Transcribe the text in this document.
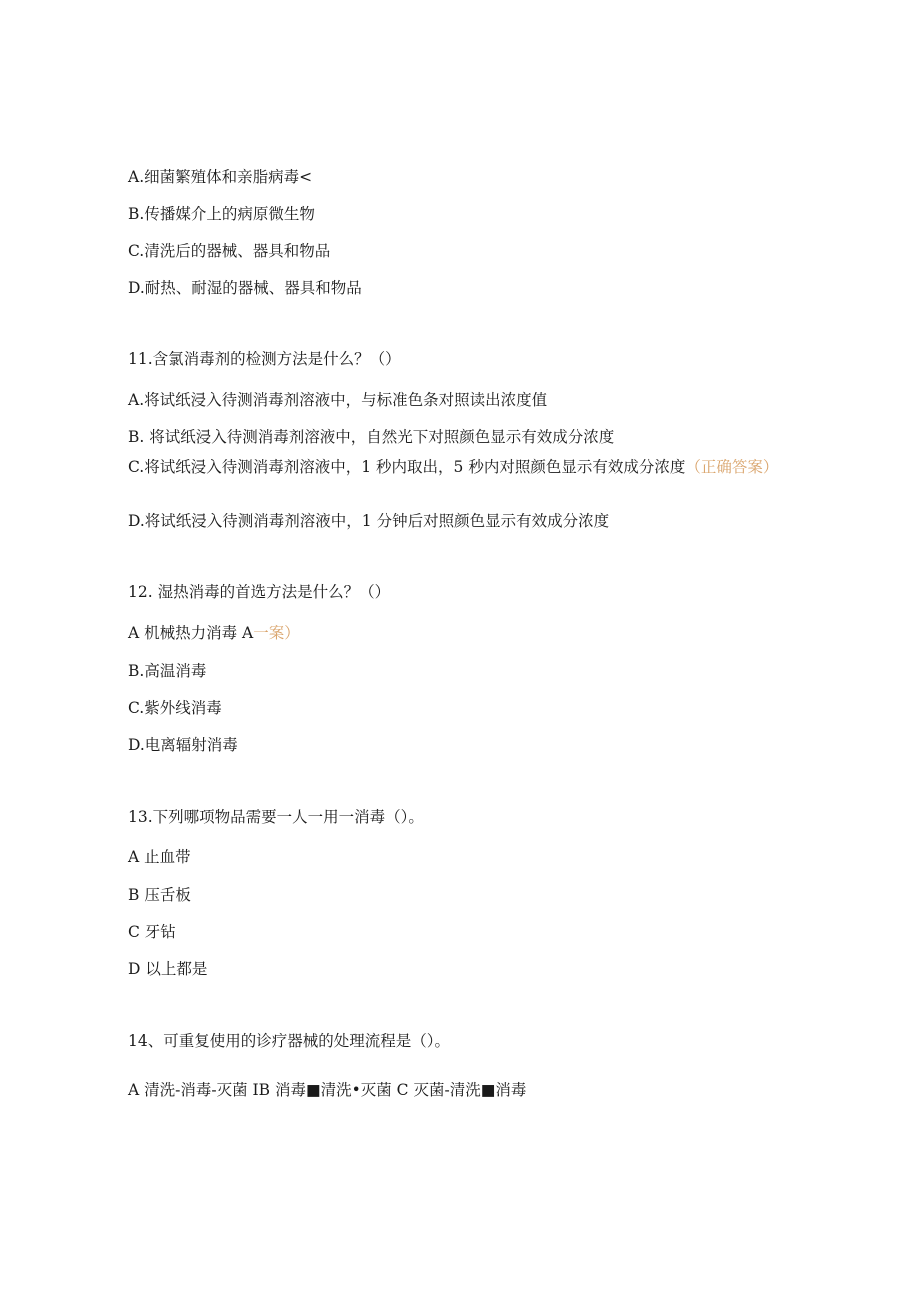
A.细菌繁殖体和亲脂病毒<
B.传播媒介上的病原微生物
C.清洗后的器械、器具和物品
D.耐热、耐湿的器械、器具和物品
11.含氯消毒剂的检测方法是什么？（）
A.将试纸浸入待测消毒剂溶液中，与标准色条对照读出浓度值
B. 将试纸浸入待测消毒剂溶液中，自然光下对照颜色显示有效成分浓度
C.将试纸浸入待测消毒剂溶液中，1 秒内取出，5 秒内对照颜色显示有效成分浓度（正确答案）
D.将试纸浸入待测消毒剂溶液中，1 分钟后对照颜色显示有效成分浓度
12. 湿热消毒的首选方法是什么？（）
A 机械热力消毒 A一案）
B.高温消毒
C.紫外线消毒
D.电离辐射消毒
13.下列哪项物品需要一人一用一消毒（）。
A 止血带
B 压舌板
C 牙钻
D 以上都是
14、可重复使用的诊疗器械的处理流程是（）。
A 清洗-消毒-灭菌 IB 消毒■清洗•灭菌 C 灭菌-清洗■消毒
